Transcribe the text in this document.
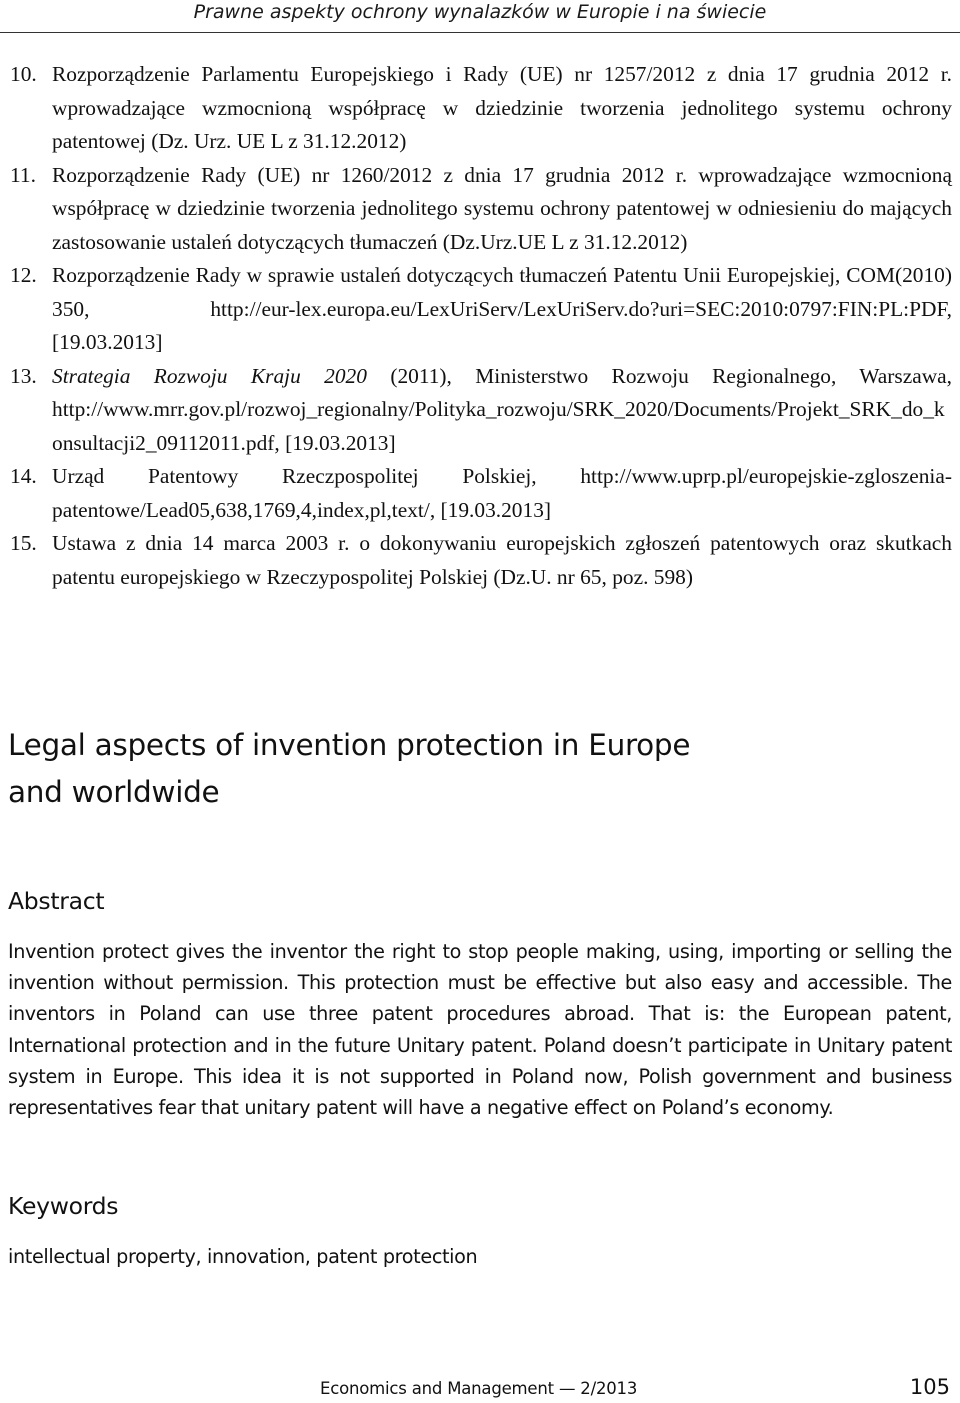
Prawne aspekty ochrony wynalazków w Europie i na świecie
10. Rozporządzenie Parlamentu Europejskiego i Rady (UE) nr 1257/2012 z dnia 17 grudnia 2012 r. wprowadzające wzmocnioną współpracę w dziedzinie tworzenia jednolitego systemu ochrony patentowej (Dz. Urz. UE L z 31.12.2012)
11. Rozporządzenie Rady (UE) nr 1260/2012 z dnia 17 grudnia 2012 r. wprowadzające wzmocnioną współpracę w dziedzinie tworzenia jednolitego systemu ochrony patentowej w odniesieniu do mających zastosowanie ustaleń dotyczących tłumaczeń (Dz.Urz.UE L z 31.12.2012)
12. Rozporządzenie Rady w sprawie ustaleń dotyczących tłumaczeń Patentu Unii Europejskiej, COM(2010) 350, http://eur-lex.europa.eu/LexUriServ/LexUriServ.do?uri=SEC:2010:0797:FIN:PL:PDF, [19.03.2013]
13. Strategia Rozwoju Kraju 2020 (2011), Ministerstwo Rozwoju Regionalnego, Warszawa, http://www.mrr.gov.pl/rozwoj_regionalny/Polityka_rozwoju/SRK_2020/Documents/Projekt_SRK_do_konsultacji2_09112011.pdf, [19.03.2013]
14. Urząd Patentowy Rzeczpospolitej Polskiej, http://www.uprp.pl/europejskie-zgloszenia-patentowe/Lead05,638,1769,4,index,pl,text/, [19.03.2013]
15. Ustawa z dnia 14 marca 2003 r. o dokonywaniu europejskich zgłoszeń patentowych oraz skutkach patentu europejskiego w Rzeczypospolitej Polskiej (Dz.U. nr 65, poz. 598)
Legal aspects of invention protection in Europe
and worldwide
Abstract

Invention protect gives the inventor the right to stop people making, using, importing or selling the invention without permission. This protection must be effective but also easy and accessible. The inventors in Poland can use three patent procedures abroad. That is: the European patent, International protection and in the future Unitary patent. Poland doesn’t participate in Unitary patent system in Europe. This idea it is not supported in Poland now, Polish government and business representatives fear that unitary patent will have a negative effect on Poland’s economy.

Keywords

intellectual property, innovation, patent protection

Economics and Management — 2/2013	105
